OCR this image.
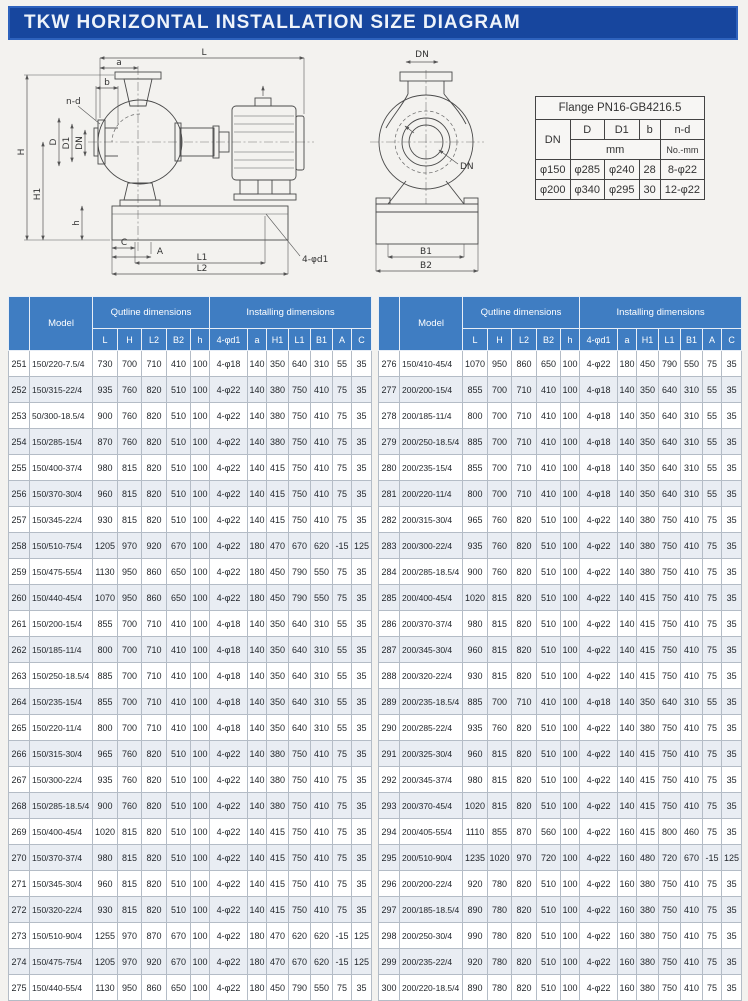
TKW HORIZONTAL INSTALLATION SIZE DIAGRAM
4-φd1
L
a
b
n-d
H
H1
D D1 DN
h
C
A
L1
L2
DN
DN
B1
B2
Flange PN16-GB4216.5				
DN	D	D1	b	n-d
	mm			No.-mm
φ150	φ285	φ240	28	8-φ22
φ200	φ340	φ295	30	12-φ22
	Model	Qutline dimensions					Installing dimensions						
		L	H	L2	B2	h	4-φd1	a	H1	L1	B1	A	C
251	150/220-7.5/4	730	700	710	410	100	4-φ18	140	350	640	310	55	35
252	150/315-22/4	935	760	820	510	100	4-φ22	140	380	750	410	75	35
253	50/300-18.5/4	900	760	820	510	100	4-φ22	140	380	750	410	75	35
254	150/285-15/4	870	760	820	510	100	4-φ22	140	380	750	410	75	35
255	150/400-37/4	980	815	820	510	100	4-φ22	140	415	750	410	75	35
256	150/370-30/4	960	815	820	510	100	4-φ22	140	415	750	410	75	35
257	150/345-22/4	930	815	820	510	100	4-φ22	140	415	750	410	75	35
258	150/510-75/4	1205	970	920	670	100	4-φ22	180	470	670	620	-15	125
259	150/475-55/4	1130	950	860	650	100	4-φ22	180	450	790	550	75	35
260	150/440-45/4	1070	950	860	650	100	4-φ22	180	450	790	550	75	35
261	150/200-15/4	855	700	710	410	100	4-φ18	140	350	640	310	55	35
262	150/185-11/4	800	700	710	410	100	4-φ18	140	350	640	310	55	35
263	150/250-18.5/4	885	700	710	410	100	4-φ18	140	350	640	310	55	35
264	150/235-15/4	855	700	710	410	100	4-φ18	140	350	640	310	55	35
265	150/220-11/4	800	700	710	410	100	4-φ18	140	350	640	310	55	35
266	150/315-30/4	965	760	820	510	100	4-φ22	140	380	750	410	75	35
267	150/300-22/4	935	760	820	510	100	4-φ22	140	380	750	410	75	35
268	150/285-18.5/4	900	760	820	510	100	4-φ22	140	380	750	410	75	35
269	150/400-45/4	1020	815	820	510	100	4-φ22	140	415	750	410	75	35
270	150/370-37/4	980	815	820	510	100	4-φ22	140	415	750	410	75	35
271	150/345-30/4	960	815	820	510	100	4-φ22	140	415	750	410	75	35
272	150/320-22/4	930	815	820	510	100	4-φ22	140	415	750	410	75	35
273	150/510-90/4	1255	970	870	670	100	4-φ22	180	470	620	620	-15	125
274	150/475-75/4	1205	970	920	670	100	4-φ22	180	470	670	620	-15	125
275	150/440-55/4	1130	950	860	650	100	4-φ22	180	450	790	550	75	35
	Model	Qutline dimensions					Installing dimensions						
		L	H	L2	B2	h	4-φd1	a	H1	L1	B1	A	C
276	150/410-45/4	1070	950	860	650	100	4-φ22	180	450	790	550	75	35
277	200/200-15/4	855	700	710	410	100	4-φ18	140	350	640	310	55	35
278	200/185-11/4	800	700	710	410	100	4-φ18	140	350	640	310	55	35
279	200/250-18.5/4	885	700	710	410	100	4-φ18	140	350	640	310	55	35
280	200/235-15/4	855	700	710	410	100	4-φ18	140	350	640	310	55	35
281	200/220-11/4	800	700	710	410	100	4-φ18	140	350	640	310	55	35
282	200/315-30/4	965	760	820	510	100	4-φ22	140	380	750	410	75	35
283	200/300-22/4	935	760	820	510	100	4-φ22	140	380	750	410	75	35
284	200/285-18.5/4	900	760	820	510	100	4-φ22	140	380	750	410	75	35
285	200/400-45/4	1020	815	820	510	100	4-φ22	140	415	750	410	75	35
286	200/370-37/4	980	815	820	510	100	4-φ22	140	415	750	410	75	35
287	200/345-30/4	960	815	820	510	100	4-φ22	140	415	750	410	75	35
288	200/320-22/4	930	815	820	510	100	4-φ22	140	415	750	410	75	35
289	200/235-18.5/4	885	700	710	410	100	4-φ18	140	350	640	310	55	35
290	200/285-22/4	935	760	820	510	100	4-φ22	140	380	750	410	75	35
291	200/325-30/4	960	815	820	510	100	4-φ22	140	415	750	410	75	35
292	200/345-37/4	980	815	820	510	100	4-φ22	140	415	750	410	75	35
293	200/370-45/4	1020	815	820	510	100	4-φ22	140	415	750	410	75	35
294	200/405-55/4	1110	855	870	560	100	4-φ22	160	415	800	460	75	35
295	200/510-90/4	1235	1020	970	720	100	4-φ22	160	480	720	670	-15	125
296	200/200-22/4	920	780	820	510	100	4-φ22	160	380	750	410	75	35
297	200/185-18.5/4	890	780	820	510	100	4-φ22	160	380	750	410	75	35
298	200/250-30/4	990	780	820	510	100	4-φ22	160	380	750	410	75	35
299	200/235-22/4	920	780	820	510	100	4-φ22	160	380	750	410	75	35
300	200/220-18.5/4	890	780	820	510	100	4-φ22	160	380	750	410	75	35
